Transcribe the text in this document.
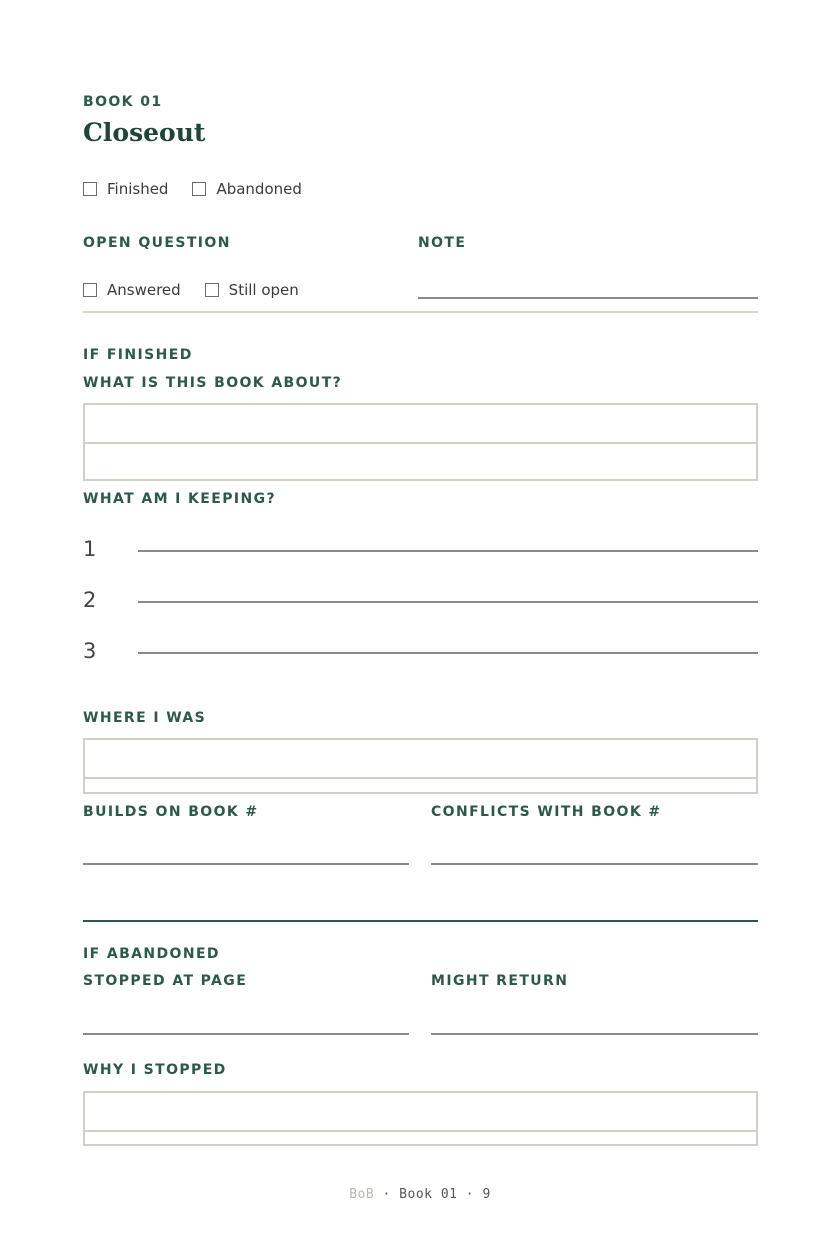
BOOK 01
Closeout
Finished	Abandoned
OPEN QUESTION	NOTE
Answered	Still open
IF FINISHED
WHAT IS THIS BOOK ABOUT?
WHAT AM I KEEPING?
1
2
3
WHERE I WAS
BUILDS ON BOOK #	CONFLICTS WITH BOOK #
IF ABANDONED
STOPPED AT PAGE	MIGHT RETURN
WHY I STOPPED
BoB · Book 01 · 9
